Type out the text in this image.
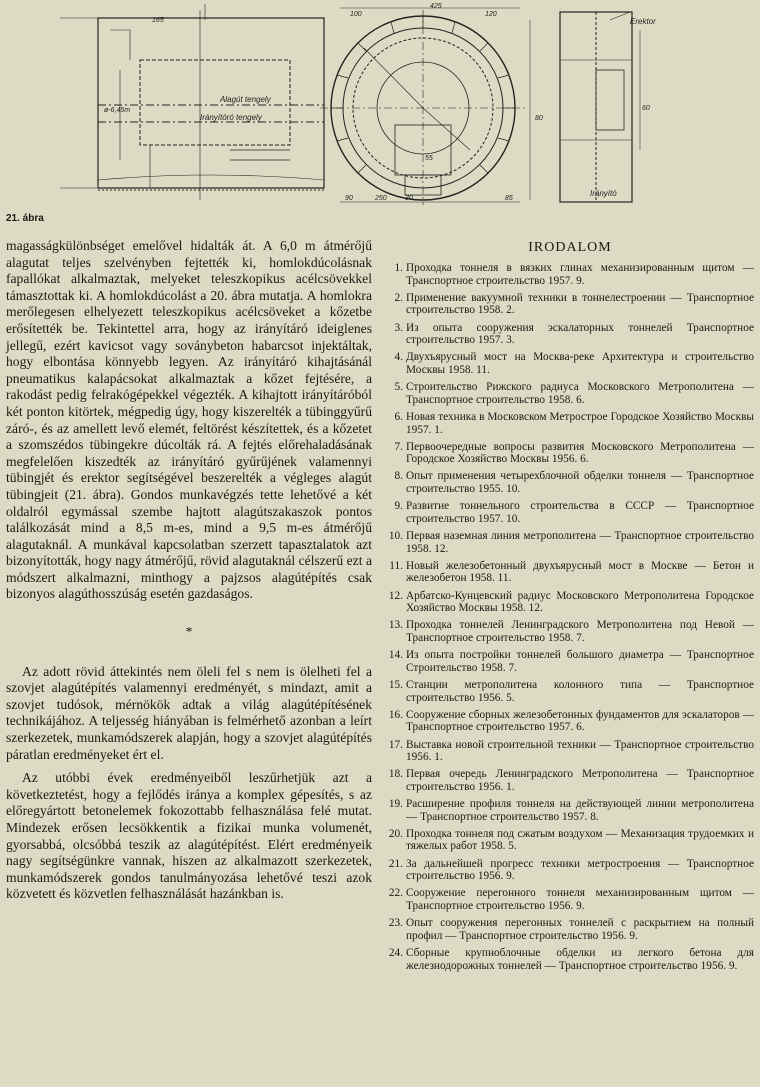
Alagút tengely
Irányítóró tengely
ø-6,45m
425
100
250
90	85
55
80
30
60
120
165	Erektor
Irányító
21. ábra

magasságkülönbséget emelővel hidalták át. A 6,0 m átmérőjű alagutat teljes szelvényben fejtették ki, homlokdúcolásnak fapallókat alkalmaztak, melyeket teleszkopikus acélcsövekkel támasztottak ki. A homlokdúcolást a 20. ábra mutatja. A homlokra merőlegesen elhelyezett teleszkopikus acélcsöveket a kőzetbe erősítették be. Tekintettel arra, hogy az irányítáró ideiglenes jellegű, ezért kavicsot vagy soványbeton habarcsot injektáltak, hogy elbontása könnyebb legyen. Az irányítáró kihajtásánál pneumatikus kalapácsokat alkalmaztak a kőzet fejtésére, a rakodást pedig felrakógépekkel végezték. A kihajtott irányítáróból két ponton kitörtek, mégpedig úgy, hogy kiszerelték a tübinggyűrű záró-, és az amellett levő elemét, feltörést készítettek, és a kőzetet a szomszédos tübingekre dúcolták rá. A fejtés előrehaladásának megfelelően kiszedték az irányítáró gyűrűjének valamennyi tübingjét és erektor segítségével beszerelték a végleges alagút tübingjeit (21. ábra). Gondos munkavégzés tette lehetővé a két oldalról egymással szembe hajtott alagútszakaszok pontos találkozását mind a 8,5 m-es, mind a 9,5 m-es átmérőjű alagutaknál. A munkával kapcsolatban szerzett tapasztalatok azt bizonyították, hogy nagy átmérőjű, rövid alagutaknál célszerű ezt a módszert alkalmazni, minthogy a pajzsos alagútépítés csak bizonyos alagúthosszúság esetén gazdaságos.

*

Az adott rövid áttekintés nem öleli fel s nem is ölelheti fel a szovjet alagútépítés valamennyi eredményét, s mindazt, amit a szovjet tudósok, mérnökök adtak a világ alagútépítésének technikájához. A teljesség hiányában is felmérhető azonban a leírt szerkezetek, munkamódszerek alapján, hogy a szovjet alagútépítés páratlan eredményeket ért el.

Az utóbbi évek eredményeiből leszűrhetjük azt a következtetést, hogy a fejlődés iránya a komplex gépesítés, s az előregyártott betonelemek fokozottabb felhasználása felé mutat. Mindezek erősen lecsökkentik a fizikai munka volumenét, gyorsabbá, olcsóbbá teszik az alagútépítést. Elért eredményeik nagy segítségünkre vannak, hiszen az alkalmazott szerkezetek, munkamódszerek gondos tanulmányozása lehetővé teszi azok közvetett és közvetlen felhasználását hazánkban is.

IRODALOM
1. Проходка тоннеля в вязких глинах механизированным щитом — Транспортное строительство 1957. 9.
2. Применение вакуумной техники в тоннелестроении — Транспортное строительство 1958. 2.
3. Из опыта сооружения эскалаторных тоннелей Транспортное строительство 1957. 3.
4. Двухъярусный мост на Москва-реке Архитектура и строительство Москвы 1958. 11.
5. Строительство Рижского радиуса Московского Метрополитена — Транспортное строительство 1958. 6.
6. Новая техника в Московском Метрострое Городское Хозяйство Москвы 1957. 1.
7. Первоочередные вопросы развития Московского Метрополитена — Городское Хозяйство Москвы 1956. 6.
8. Опыт применения четырехблочной обделки тоннеля — Транспортное строительство 1955. 10.
9. Развитие тоннельного строительства в СССР — Транспортное строительство 1957. 10.
10. Первая наземная линия метрополитена — Транспортное строительство 1958. 12.
11. Новый железобетонный двухъярусный мост в Москве — Бетон и железобетон 1958. 11.
12. Арбатско-Кунцевский радиус Московского Метрополитена Городское Хозяйство Москвы 1958. 12.
13. Проходка тоннелей Ленинградского Метрополитена под Невой — Транспортное строительство 1958. 7.
14. Из опыта постройки тоннелей большого диаметра — Транспортное Строительство 1958. 7.
15. Станции метрополитена колонного типа — Транспортное строительство 1956. 5.
16. Сооружение сборных железобетонных фундаментов для эскалаторов — Транспортное строительство 1957. 6.
17. Выставка новой строительной техники — Транспортное строительство 1956. 1.
18. Первая очередь Ленинградского Метрополитена — Транспортное строительство 1956. 1.
19. Расширение профиля тоннеля на действующей линии метрополитена — Транспортное строительство 1957. 8.
20. Проходка тоннеля под сжатым воздухом — Механизация трудоемких и тяжелых работ 1958. 5.
21. За дальнейшей прогресс техники метростроения — Транспортное строительство 1956. 9.
22. Сооружение перегонного тоннеля механизированным щитом — Транспортное строительство 1956. 9.
23. Опыт сооружения перегонных тоннелей с раскрытием на полный профил — Транспортное строительство 1956. 9.
24. Сборные крупноблочные обделки из легкого бетона для железнодорожных тоннелей — Транспортное строительство 1956. 9.
